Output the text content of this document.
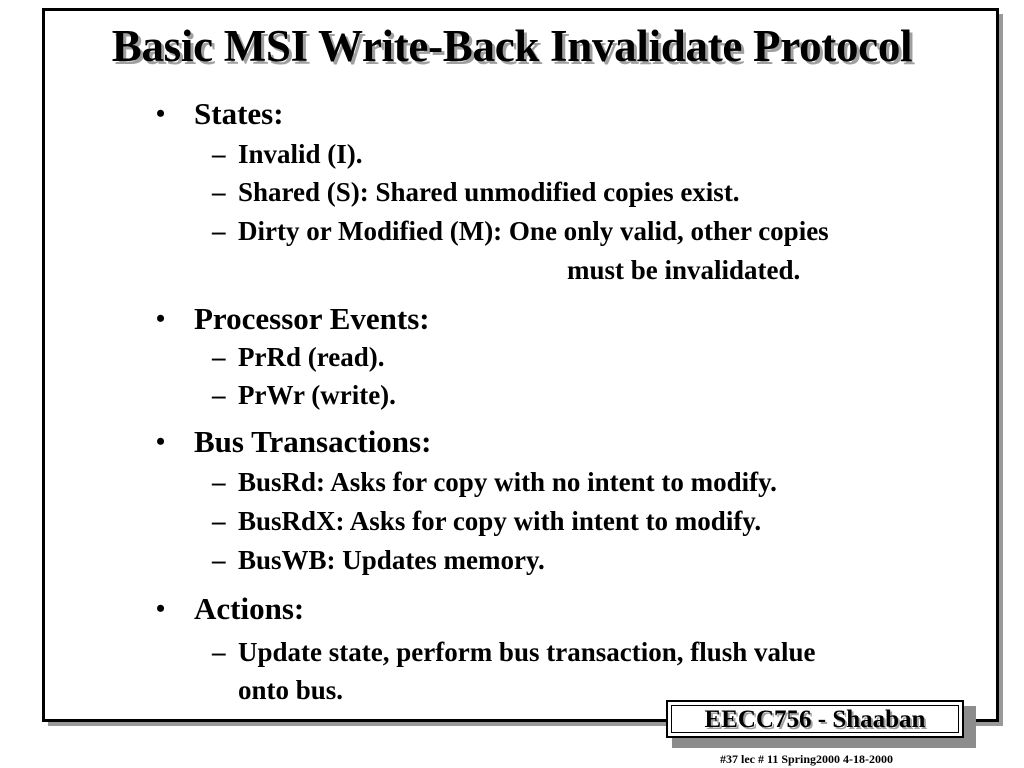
Basic MSI Write-Back Invalidate Protocol
• States:
– Invalid (I).
– Shared (S): Shared unmodified copies exist.
– Dirty or Modified (M): One only valid, other copies
must be invalidated.
• Processor Events:
– PrRd (read).
– PrWr (write).
• Bus Transactions:
– BusRd: Asks for copy with no intent to modify.
– BusRdX: Asks for copy with intent to modify.
– BusWB: Updates memory.
• Actions:
– Update state, perform bus transaction, flush value
onto bus.
EECC756 - Shaaban
#37 lec # 11 Spring2000 4-18-2000
